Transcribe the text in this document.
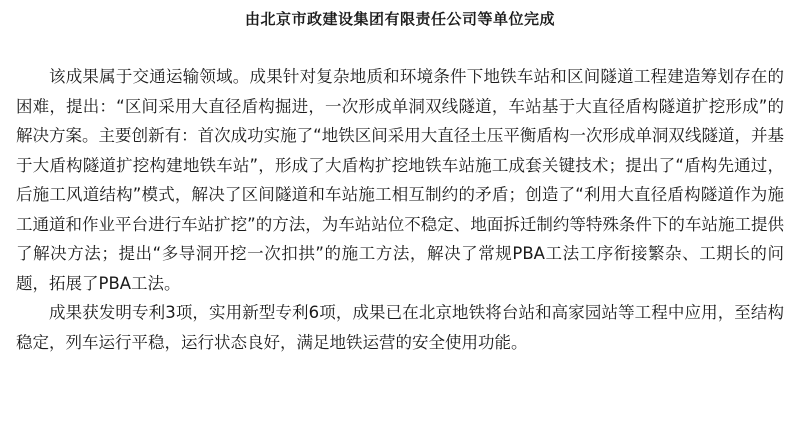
由北京市政建设集团有限责任公司等单位完成

该成果属于交通运输领域。成果针对复杂地质和环境条件下地铁车站和区间隧道工程建造筹划存在的困难，提出：“区间采用大直径盾构掘进，一次形成单洞双线隧道，车站基于大直径盾构隧道扩挖形成”的解决方案。主要创新有：首次成功实施了“地铁区间采用大直径土压平衡盾构一次形成单洞双线隧道，并基于大盾构隧道扩挖构建地铁车站”，形成了大盾构扩挖地铁车站施工成套关键技术；提出了“盾构先通过，后施工风道结构”模式，解决了区间隧道和车站施工相互制约的矛盾；创造了“利用大直径盾构隧道作为施工通道和作业平台进行车站扩挖”的方法，为车站站位不稳定、地面拆迁制约等特殊条件下的车站施工提供了解决方法；提出“多导洞开挖一次扣拱”的施工方法，解决了常规PBA工法工序衔接繁杂、工期长的问题，拓展了PBA工法。

成果获发明专利3项，实用新型专利6项，成果已在北京地铁将台站和高家园站等工程中应用，至结构稳定，列车运行平稳，运行状态良好，满足地铁运营的安全使用功能。
